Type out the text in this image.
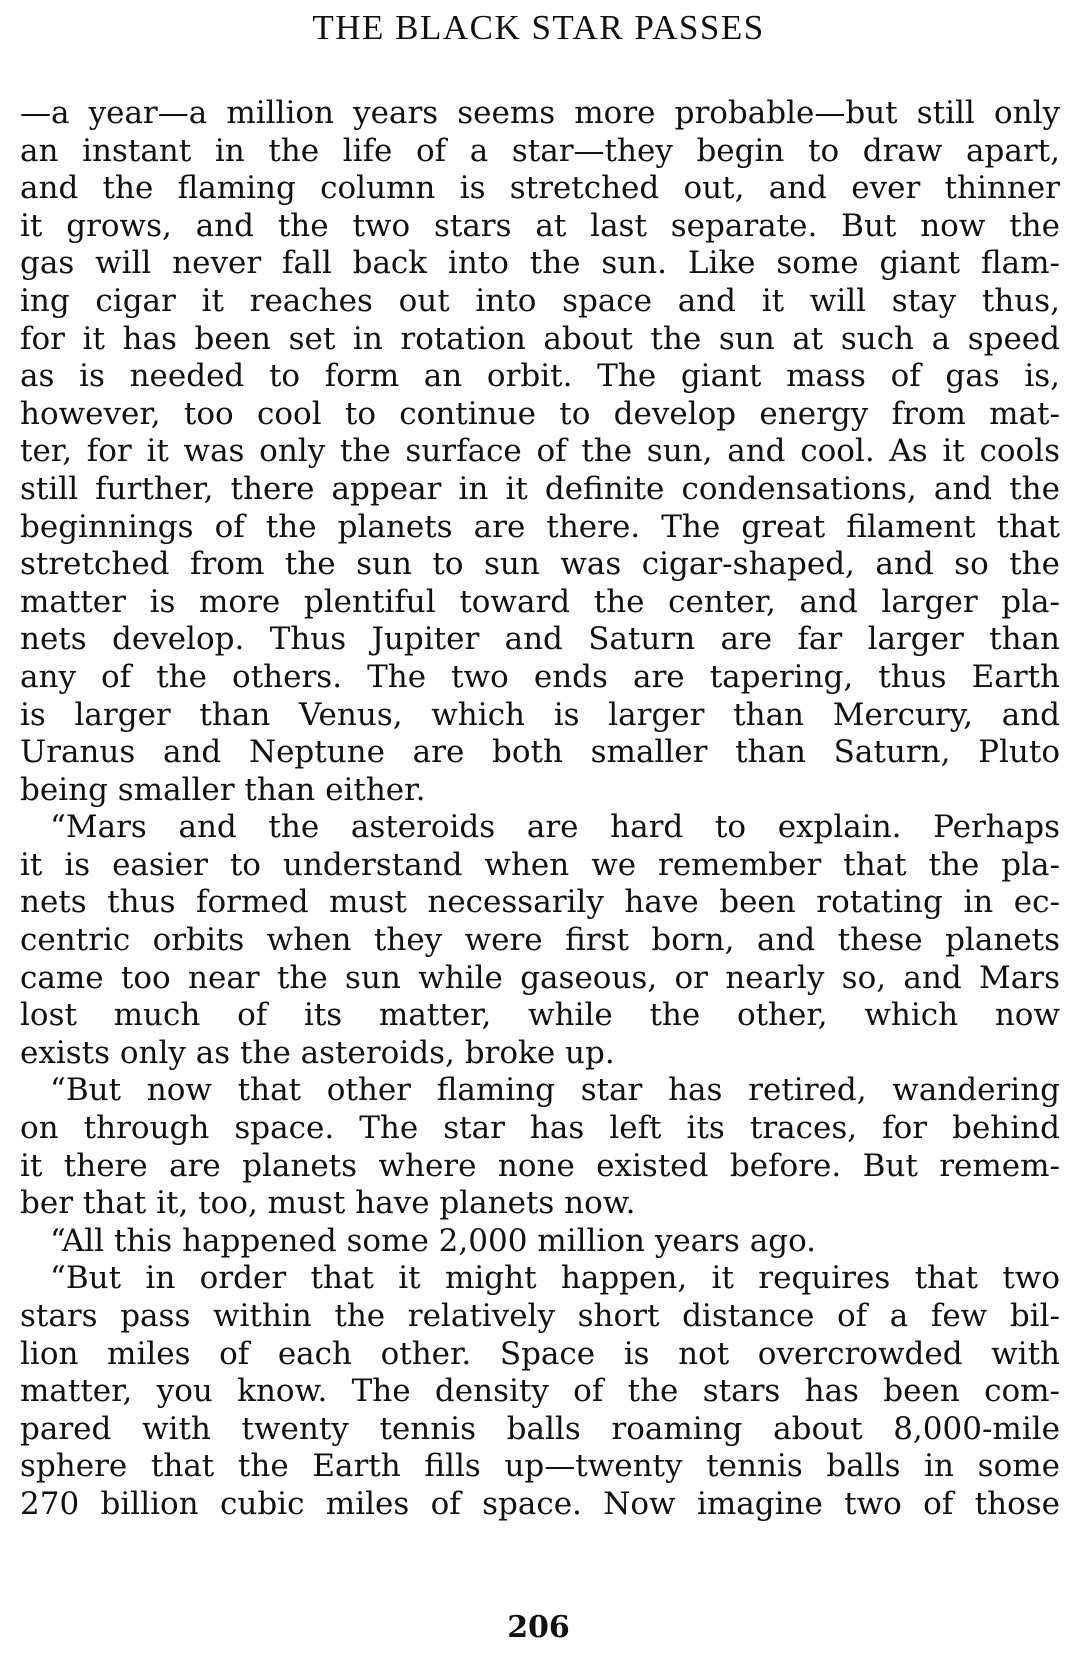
THE BLACK STAR PASSES
—a year—a million years seems more probable—but still only
an instant in the life of a star—they begin to draw apart,
and the flaming column is stretched out, and ever thinner
it grows, and the two stars at last separate. But now the
gas will never fall back into the sun. Like some giant flam-
ing cigar it reaches out into space and it will stay thus,
for it has been set in rotation about the sun at such a speed
as is needed to form an orbit. The giant mass of gas is,
however, too cool to continue to develop energy from mat-
ter, for it was only the surface of the sun, and cool. As it cools
still further, there appear in it definite condensations, and the
beginnings of the planets are there. The great filament that
stretched from the sun to sun was cigar-shaped, and so the
matter is more plentiful toward the center, and larger pla-
nets develop. Thus Jupiter and Saturn are far larger than
any of the others. The two ends are tapering, thus Earth
is larger than Venus, which is larger than Mercury, and
Uranus and Neptune are both smaller than Saturn, Pluto
being smaller than either.
“Mars and the asteroids are hard to explain. Perhaps
it is easier to understand when we remember that the pla-
nets thus formed must necessarily have been rotating in ec-
centric orbits when they were first born, and these planets
came too near the sun while gaseous, or nearly so, and Mars
lost much of its matter, while the other, which now
exists only as the asteroids, broke up.
“But now that other flaming star has retired, wandering
on through space. The star has left its traces, for behind
it there are planets where none existed before. But remem-
ber that it, too, must have planets now.
“All this happened some 2,000 million years ago.
“But in order that it might happen, it requires that two
stars pass within the relatively short distance of a few bil-
lion miles of each other. Space is not overcrowded with
matter, you know. The density of the stars has been com-
pared with twenty tennis balls roaming about 8,000-mile
sphere that the Earth fills up—twenty tennis balls in some
270 billion cubic miles of space. Now imagine two of those
206
